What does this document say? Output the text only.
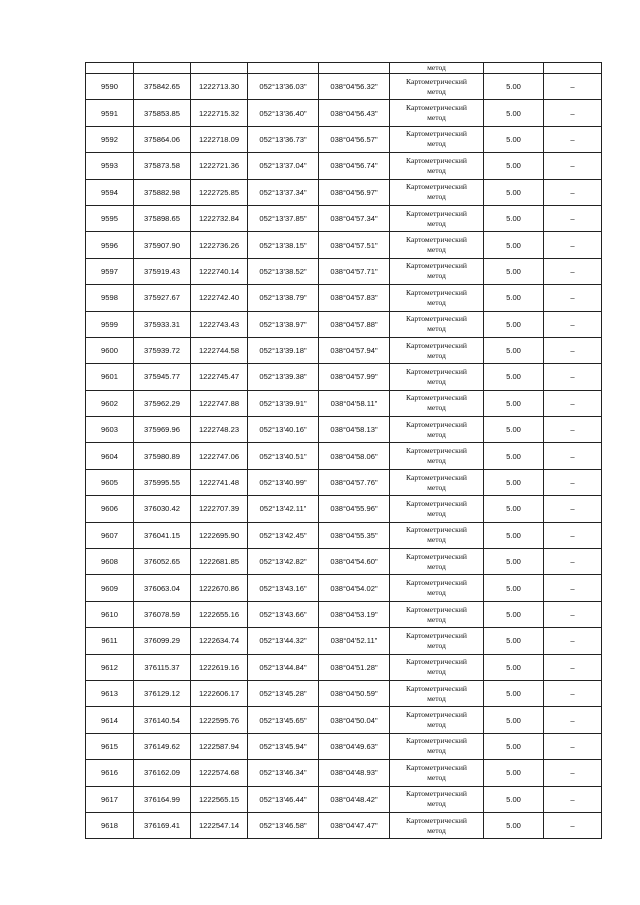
					метод		
9590	375842.65	1222713.30	052°13'36.03"	038°04'56.32"	Картометрический
метод	5.00	–
9591	375853.85	1222715.32	052°13'36.40"	038°04'56.43"	Картометрический
метод	5.00	–
9592	375864.06	1222718.09	052°13'36.73"	038°04'56.57"	Картометрический
метод	5.00	–
9593	375873.58	1222721.36	052°13'37.04"	038°04'56.74"	Картометрический
метод	5.00	–
9594	375882.98	1222725.85	052°13'37.34"	038°04'56.97"	Картометрический
метод	5.00	–
9595	375898.65	1222732.84	052°13'37.85"	038°04'57.34"	Картометрический
метод	5.00	–
9596	375907.90	1222736.26	052°13'38.15"	038°04'57.51"	Картометрический
метод	5.00	–
9597	375919.43	1222740.14	052°13'38.52"	038°04'57.71"	Картометрический
метод	5.00	–
9598	375927.67	1222742.40	052°13'38.79"	038°04'57.83"	Картометрический
метод	5.00	–
9599	375933.31	1222743.43	052°13'38.97"	038°04'57.88"	Картометрический
метод	5.00	–
9600	375939.72	1222744.58	052°13'39.18"	038°04'57.94"	Картометрический
метод	5.00	–
9601	375945.77	1222745.47	052°13'39.38"	038°04'57.99"	Картометрический
метод	5.00	–
9602	375962.29	1222747.88	052°13'39.91"	038°04'58.11"	Картометрический
метод	5.00	–
9603	375969.96	1222748.23	052°13'40.16"	038°04'58.13"	Картометрический
метод	5.00	–
9604	375980.89	1222747.06	052°13'40.51"	038°04'58.06"	Картометрический
метод	5.00	–
9605	375995.55	1222741.48	052°13'40.99"	038°04'57.76"	Картометрический
метод	5.00	–
9606	376030.42	1222707.39	052°13'42.11"	038°04'55.96"	Картометрический
метод	5.00	–
9607	376041.15	1222695.90	052°13'42.45"	038°04'55.35"	Картометрический
метод	5.00	–
9608	376052.65	1222681.85	052°13'42.82"	038°04'54.60"	Картометрический
метод	5.00	–
9609	376063.04	1222670.86	052°13'43.16"	038°04'54.02"	Картометрический
метод	5.00	–
9610	376078.59	1222655.16	052°13'43.66"	038°04'53.19"	Картометрический
метод	5.00	–
9611	376099.29	1222634.74	052°13'44.32"	038°04'52.11"	Картометрический
метод	5.00	–
9612	376115.37	1222619.16	052°13'44.84"	038°04'51.28"	Картометрический
метод	5.00	–
9613	376129.12	1222606.17	052°13'45.28"	038°04'50.59"	Картометрический
метод	5.00	–
9614	376140.54	1222595.76	052°13'45.65"	038°04'50.04"	Картометрический
метод	5.00	–
9615	376149.62	1222587.94	052°13'45.94"	038°04'49.63"	Картометрический
метод	5.00	–
9616	376162.09	1222574.68	052°13'46.34"	038°04'48.93"	Картометрический
метод	5.00	–
9617	376164.99	1222565.15	052°13'46.44"	038°04'48.42"	Картометрический
метод	5.00	–
9618	376169.41	1222547.14	052°13'46.58"	038°04'47.47"	Картометрический
метод	5.00	–
